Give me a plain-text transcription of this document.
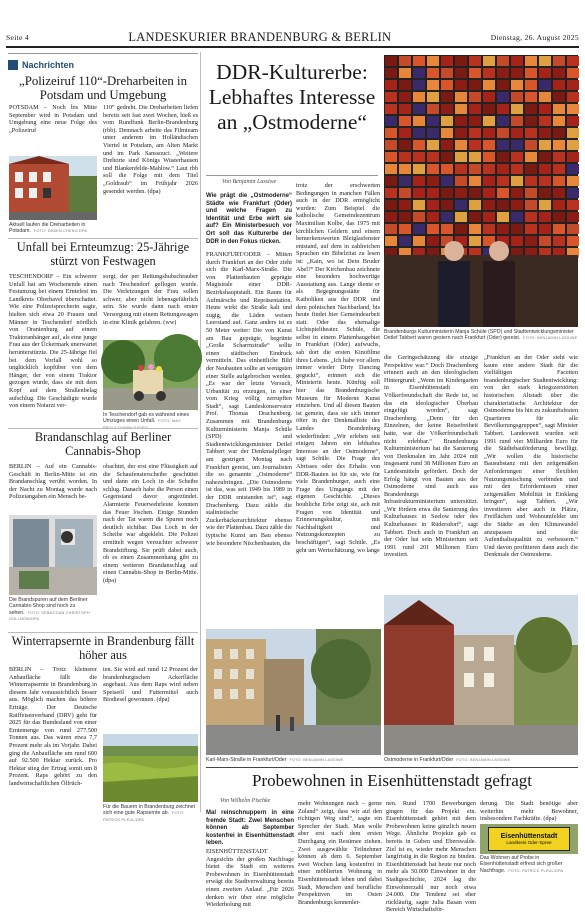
Seite 4	LANDESKURIER BRANDENBURG & BERLIN	Dienstag, 26. August 2025
Nachrichten
„Polizeiruf 110“-Dreharbeiten in Potsdam und Umgebung
POTSDAM – Noch bis Mitte September wird in Potsdam und Umgebung eine neue Folge des „Polizeiruf
110“ gedreht. Die Dreharbeiten liefen bereits seit fast zwei Wochen, hieß es vom Rundfunk Berlin-Brandenburg (rbb). Demnach arbeite das Filmteam unter anderem im Holländischen Viertel in Potsdam, am Alten Markt und im Park Sanssouci. „Weitere Drehorte sind Königs Wusterhausen und Blankenfelde-Mahlow.“ Laut rbb soll die Folge mit dem Titel „Goldraub“ im Frühjahr 2026 gesendet werden. (dpa)
Aktuell laufen die Dreharbeiten in Potsdam. FOTO: DEBEN.CHENG.DPA
Unfall bei Ernteumzug: 25-Jährige stürzt von Festwagen
TESCHENDORF – Ein schwerer Unfall hat am Wochenende einen Festumzug bei einem Erntefest im Landkreis Oberhavel überschattet. Wie eine Polizeisprecherin sagte, hielten sich etwa 20 Frauen und Männer in Teschendorf nördlich von Oranienburg auf einem Traktoranhänger auf, als eine junge Frau aus der Ückermark unerwartet herunterstürzte. Die 25-Jährige fiel bei dem Vorfall wohl so unglücklich kopfüber von dem Hänger, der von einem Traktor gezogen wurde, dass sie mit dem Kopf auf dem Straßenbelag aufschlug. Die Geschädigte wurde von einem Notarzt ver-
sorgt, der per Rettungshubschrauber nach Teschendorf geflogen wurde. Die Verletzungen der Frau sollen schwer, aber nicht lebensgefährlich sein. Sie wurde dann nach erster Versorgung mit einem Rettungswagen in eine Klinik gefahren. (ww)
In Teschendorf gab es während eines Umzuges einen Unfall. FOTO: MAX
Brandanschlag auf Berliner Cannabis-Shop
BERLIN – Auf ein Cannabis-Geschäft in Berlin-Mitte ist ein Brandanschlag verübt worden. In der Nacht zu Montag wurde nach Polizeiangaben ein Mensch be-
obachtet, der erst eine Flüssigkeit auf die Schaufensterscheibe geschüttet und dann ein Loch in die Scheibe schlug. Danach habe die Person einen Gegenstand davor angezündet. Alarmierte Feuerwehrleute konnten das Feuer löschen. Einige Stunden nach der Tat waren die Spuren noch deutlich sichtbar. Das Loch in der Scheibe war abgeklebt. Die Polizei ermittelt wegen versuchter schwerer Brandstiftung. Sie prüft dabei auch, ob es einen Zusammenhang gibt zu einem weiteren Brandanschlag auf einen Cannabis-Shop in Berlin-Mitte. (dpa)
Die Brandspuren auf dem Berliner Cannabis-Shop sind noch zu sehen. FOTO: SEBASTIAN CHRISTOPH GOLLNOW/DPA
Winterrapsernte in Brandenburg fällt höher aus
BERLIN – Trotz kleinerer Anbaufläche fällt die Winterrapsernte in Brandenburg in diesem Jahr voraussichtlich besser aus. Möglich machen das höhere Erträge. Der Deutsche Raiffeisenverband (DRV) geht für 2025 für das Bundesland von einer Erntemenge von rund 277.500 Tonnen aus. Das wären etwa 7,7 Prozent mehr als im Vorjahr. Dabei ging die Anbaufläche um rund 600 auf 92.500 Hektar zurück. Pro Hektar stieg der Ertrag somit um 8 Prozent. Raps gehört zu den landwirtschaftlichen Ölfrüch-
ten. Sie wird auf rund 12 Prozent der brandenburgischen Ackerfläche angebaut. Aus dem Raps wird neben Speiseöl und Futtermittel auch Biodiesel gewonnen. (dpa)
Für die Bauern in Brandenburg zeichnet sich eine gute Rapsernte ab. FOTO: PATRICK PLEUL/DPA
DDR-Kulturerbe: Lebhaftes Interesse an „Ostmoderne“
Von Benjamin Lassiwe
Wie prägt die „Ostmoderne“ Städte wie Frankfurt (Oder) und welche Fragen zu Identität und Erbe wirft sie auf? Ein Ministerbesuch vor Ort soll das Kulturerbe der DDR in den Fokus rücken.
FRANKFURT/ODER – Mitten durch Frankfurt an der Oder zieht sich die Karl-Marx-Straße. Die von Plattenbauten geprägte Magistrale einer DDR-Bezirkshauptstadt. Ein Raum für Aufmärsche und Repräsentation. Heute wirkt die Straße kalt und zugig, die Läden weisen Leerstand auf. Ganz anders ist es 50 Meter weiter: Die von Kunst am Bau geprägte, begrünte „Große Scharrnstraße“ sollte einen städtischen Eindruck vermitteln. Das einheitliche Bild der Neubauten sollte an wenigsten einer Stelle aufgebrochen werden. „Es war der letzte Versuch, Urbanität zu erzeugen, in einer vom Krieg völlig zerrupften Stadt“, sagt Landeskonservator Prof. Thomas Drachenberg. Zusammen mit Brandenburgs Kulturministerin Manja Schüle (SPD) und Stadtentwicklungsminister Detlef Tabbert war der Denkmalpfleger am gestrigen Montag nach Frankfurt gereist, um Journalisten die so genannte „Ostmoderne“ nahezubringen. „Die Ostmoderne ist das, was seit 1949 bis 1989 in der DDR entstanden ist“, sagt Drachenberg. Dazu zähle die stalinistische Zuckerbäckerarchitektur ebenso wie der Plattenbau. Dazu zähle die typische Kunst am Bau ebenso wie besondere Nischenbauten, die
trotz der erschwerten Bedingungen in manchen Fällen auch in der DDR ermöglicht wurden: Zum Beispiel die katholische Gemeindezentrum Maximilian Kolbe, das 1975 mit kirchlichen Geldern und einem bemerkenswerten Bleiglasfenster entstand, auf dem in zahlreichen Sprachen ein Bibelzitat zu lesen ist: „Kain, wo ist Dein Bruder Abel?“ Der Kirchenbau zeichnete eine besonders hochwertige Ausstattung aus. Lange diente er als Begegnungsstätte für Katholiken aus der DDR und dem polnischen Nachbarland, bis heute findet hier Gemeindearbeit statt. Oder das ehemalige Lichtspieltheater. Schüle, die selbst in einem Plattenbaugebiet in Frankfurt (Oder) aufwuchs, sah dort die ersten Kinofilme ihres Lebens. „Ich habe vor allem immer wieder Dirty Dancing geguckt“, erinnert sich die Ministerin heute. Künftig soll hier das Brandenburgische Museum für Moderne Kunst einziehen. Und all diesen Bauten ist gemein, dass sie sich immer öfter in der Denkmalliste des Landes Brandenburg wiederfinden: „Wir erleben seit einigen Jahren ein lebhaftes Interesse an der Ostmoderne“, sagt Schüle. Die Frage des Abrisses oder des Erhalts von DDR-Bauten ist für sie, wie für viele Brandenburger, auch eine Frage des Umgangs mit der eigenen Geschichte. „Dieses houbliche Erbe zeigt sie, ach mit Fragen von Identität und Erinnerungskultur, mit Nachhaltigkeit und Nutzungskonzepten zu beschäftigen“, sagt Schüle. „Es geht um Wertschätzung, wo lange
Brandenburgs Kulturministerin Manja Schüle (SPD) und Stadtentwicklungsminister Detlef Tabbert waren gestern nach Frankfurt (Oder) gereist. FOTO: BENJAMIN LASSIWE
die Geringschätzung die einzige Perspektive war.“ Doch Drachenberg erinnert auch an den ideologischen Hintergrund: „Wenn im Kindergarten in Eisenhüttenstadt ein Völkerfreundschaft die Rede ist, ist das ein ideologischer Überbau eingefügt worden“, sagt Drachenberg. „Denn für den Einzelnen, der keine Reisefreiheit hatte, war die Völkerfreundschaft nicht erlebbar.“ Brandenburgs Kulturministerium hat die Sanierung von Denkmalen im Jahr 2024 mit insgesamt rund 38 Millionen Euro an Landesmitteln gefördert. Doch der Erfolg hängt von Bauten aus der Ostmoderne sind auch aus Brandenburgs Infrastrukturministerium unterstützt. „Wir fördern etwa die Sanierung des Kulturhauses in Seelow oder des Kulturhauses in Rüdersdorf“, sagt Tabbert. Doch auch in Frankfurt an der Oder hat sein Ministerium seit 1991 rund 201 Millionen Euro investiert.
„Frankfurt an der Oder steht wie kaum eine andere Stadt für die vielfältigen Facetten brandenburgischer Stadtentwicklung: von der stark kriegszerstörten historischen Altstadt über die charakteristische Architektur der Ostmoderne bis hin zu zukunftsfesten Quartieren für alle Bevölkerungsgruppen“, sagt Minister Tabbert. Landesweit wurden seit 1991 rund vier Milliarden Euro für die Städtebauförderung bewilligt. „Wir wollen die historische Bausubstanz mit den zeitgemäßen Anforderungen einer flexiblen Nutzungsmischung verbinden und mit den Erfordernissen einer zeitgemäßen Mobilität in Einklang bringen“, sagt Tabbert. „Wir investieren aber auch in Plätze, Freiflächen und Wohnumfelder um die Städte an den Klimawandel anzupassen und die Aufenthaltsqualität zu verbessern.“ Und davon profitieren dann auch die Denkmale der Ostmoderne.
Karl-Marx-Straße in Frankfurt/Oder FOTO: BENJAMIN LASSIWE	Ostmoderne in Frankfurt/Oder FOTO: BENJAMIN LASSIWE
Probewohnen in Eisenhüttenstadt gefragt
Von Wilhelm Pischke
Mal reinschnuppern in eine fremde Stadt: Zwei Menschen können ab September kostenfrei in Eisenhüttenstadt leben.
EISENHÜTTENSTADT – Angesichts der großen Nachfrage bietet die Stadt ein weiteres Probewohnen in Eisenhüttenstadt erwägt die Stadtverwaltung bereits einen zweiten Anlauf. „Für 2026 denken wir über eine mögliche Wiederholung mit
mehr Wohnungen nach – gerne Zuland“ zeigt, dass wir auf den richtigen Weg sind“, sagte ein Sprecher der Stadt. Man wolle aber erst nach dem ersten Durchgang ein Resümee ziehen. Zwei ausgewählte Teilnehmer können ab dem 6. September zwei Wochen lang kostenfrei in einer möblierten Wohnung in Eisenhüttenstadt leben und dabei Stadt, Menschen und berufliche Perspektiven im Osten Brandenburgs kennenler-
nen. Rund 1700 Bewerbungen gingen für das Projekt ein. Eisenhüttenstadt gehört mit dem Probewohnen keine gänzlich neuen Wege. Ähnliche Projekte gab es bereits in Guben und Eberswalde. Ziel ist es, wieder mehr Menschen langfristig in die Region zu binden. Eisenhüttenstadt hat heute nur noch mehr als 50.000 Einwohner in der Stadtgeschichte, 2024 lag die Einwohnerzahl nur noch etwa 24.000. Die Tendenz sei eher rückläufig, sagte Julia Basan vom Bereich Wirtschaftsför-
derung. Die Stadt benötige aber weiterhin mehr Bewohner, insbesondere Fachkräfte. (dpa)
Eisenhüttenstadt
Landkreis Oder-Spree
Das Wohnen auf Probe in Eisenhüttenstadt erfreut sich großer Nachfrage. FOTO: PATRICK PLEUL/DPA
